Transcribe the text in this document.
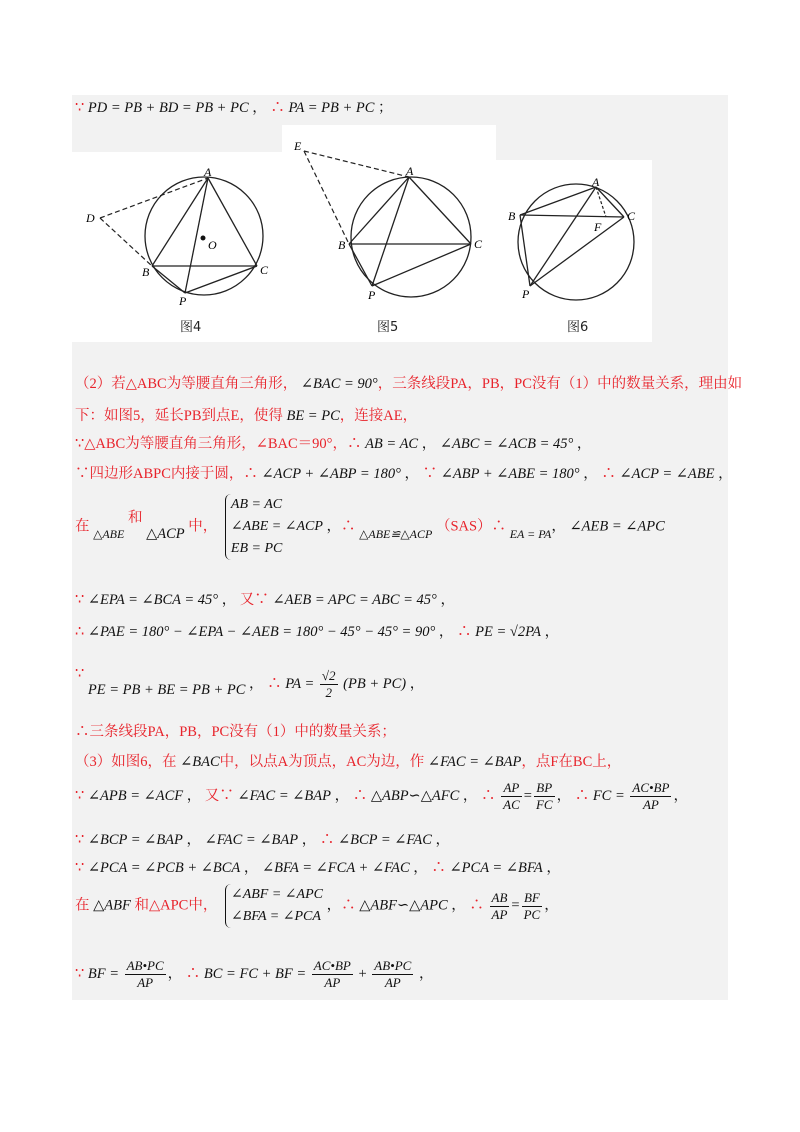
∵ PD = PB + BD = PB + PC ， ∴ PA = PB + PC ；
A
B	C
D
O
P
图4
E
A
B	C
P
图5
A
B	C
F
P
图6
（2）若△ABC为等腰直角三角形， ∠BAC = 90°，三条线段PA，PB，PC没有（1）中的数量关系，理由如
下：如图5，延长PB到点E，使得 BE = PC，连接AE，
∵△ABC为等腰直角三角形，∠BAC＝90°，∴ AB = AC ， ∠ABC = ∠ACB = 45° ，
∵四边形ABPC内接于圆，∴ ∠ACP + ∠ABP = 180° ， ∵ ∠ABP + ∠ABE = 180° ， ∴ ∠ACP = ∠ABE ，
在 $_{\triangle ABE}$ 和 △ACP 中，
AB = AC
∠ABE = ∠ACP
EB = PC
，∴ $_{\triangle ABE≌\triangle ACP}$ （SAS）∴ $_{EA = PA}$， ∠AEB = ∠APC
∵ ∠EPA = ∠BCA = 45° ， 又∵ ∠AEB = APC = ABC = 45° ，
∴ ∠PAE = 180° − ∠EPA − ∠AEB = 180° − 45° − 45° = 90° ， ∴ PE = √2PA ，
∵ PE = PB + BE = PB + PC ， ∴ PA = $\frac{√2}{2} (PB + PC)$ ，
∴三条线段PA，PB，PC没有（1）中的数量关系；
（3）如图6，在 ∠BAC中，以点A为顶点，AC为边，作 ∠FAC = ∠BAP，点F在BC上，
∵ ∠APB = ∠ACF ， 又∵ ∠FAC = ∠BAP ， ∴ △ABP∽△AFC ， ∴ $\frac{AP}{AC} = \frac{BP}{FC}$ ， ∴ FC = $\frac{AC•BP}{AP}$ ，
∵ ∠BCP = ∠BAP ， ∠FAC = ∠BAP ， ∴ ∠BCP = ∠FAC ，
∵ ∠PCA = ∠PCB + ∠BCA ， ∠BFA = ∠FCA + ∠FAC ， ∴ ∠PCA = ∠BFA ，
在 △ABF 和△APC中，
∠ABF = ∠APC
∠BFA = ∠PCA
，∴ △ABF∽△APC ， ∴ $\frac{AB}{AP} = \frac{BF}{PC}$ ，
∵ BF = $\frac{AB•PC}{AP}$ ， ∴ BC = FC + BF = $\frac{AC•BP}{AP} + \frac{AB•PC}{AP}$ ，
